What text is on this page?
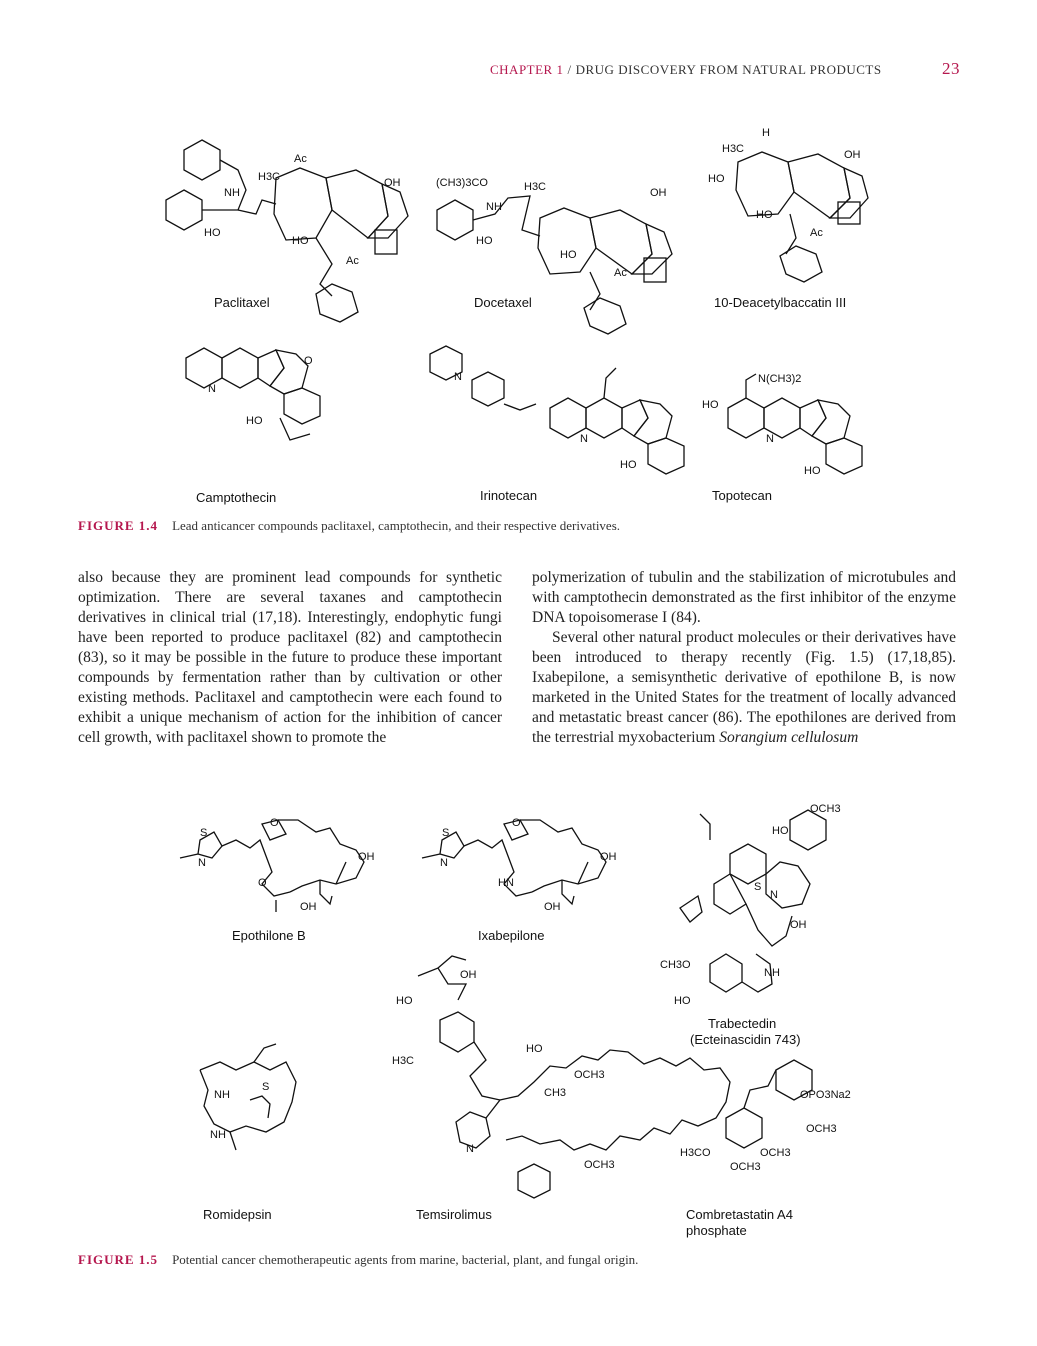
CHAPTER 1 / DRUG DISCOVERY FROM NATURAL PRODUCTS	23
Ac
H3C	OH
NH
HO
HO
Ac
(CH3)3CO	H3C	OH
NH
HO
HO
Ac
H
H3C	OH
HO
HO
Ac
N
HO
O
N
N
HO
N(CH3)2
HO
N
HO
Paclitaxel	Docetaxel	10-Deacetylbaccatin III
Camptothecin	Irinotecan	Topotecan
FIGURE 1.4 Lead anticancer compounds paclitaxel, camptothecin, and their respective derivatives.

also because they are prominent lead compounds for synthetic optimization. There are several taxanes and camptothecin derivatives in clinical trial (17,18). Interestingly, endophytic fungi have been reported to produce paclitaxel (82) and camptothecin (83), so it may be possible in the future to produce these important compounds by fermentation rather than by cultivation or other existing methods. Paclitaxel and camptothecin were each found to exhibit a unique mechanism of action for the inhibition of cancer cell growth, with paclitaxel shown to promote the

polymerization of tubulin and the stabilization of microtubules and with camptothecin demonstrated as the first inhibitor of the enzyme DNA topoisomerase I (84).

Several other natural product molecules or their derivatives have been introduced to therapy recently (Fig. 1.5) (17,18,85). Ixabepilone, a semisynthetic derivative of epothilone B, is now marketed in the United States for the treatment of locally advanced and metastatic breast cancer (86). The epothilones are derived from the terrestrial myxobacterium Sorangium cellulosum

S
N
O
OH
O
OH
S
N
O
OH
HN
OH
OCH3
HO
S
N
OH
CH3O
HO
NH
HO
OH
H3C
HO
OCH3
CH3
OCH3
N
NH
S
NH
OPO3Na2
OCH3
H3CO	OCH3
OCH3
Epothilone B	Ixabepilone
Trabectedin
(Ecteinascidin 743)
Romidepsin	Temsirolimus	Combretastatin A4
phosphate
FIGURE 1.5 Potential cancer chemotherapeutic agents from marine, bacterial, plant, and fungal origin.
